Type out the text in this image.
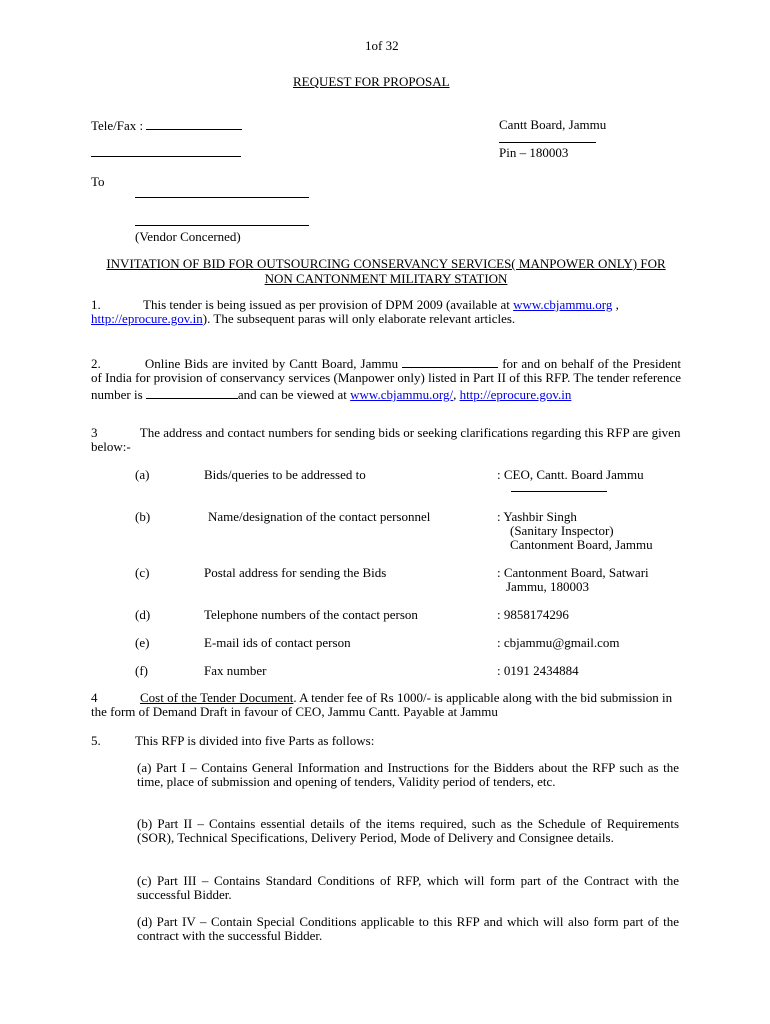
1of 32
REQUEST FOR PROPOSAL
Tele/Fax :	Cantt Board, Jammu
Pin – 180003
To
(Vendor Concerned)
INVITATION OF BID FOR OUTSOURCING CONSERVANCY SERVICES( MANPOWER ONLY) FOR NON CANTONMENT MILITARY STATION
1.	This tender is being issued as per provision of DPM 2009 (available at www.cbjammu.org , http://eprocure.gov.in). The subsequent paras will only elaborate relevant articles.
2.	Online Bids are invited by Cantt Board, Jammu	for and on behalf of the President of India for provision of conservancy services (Manpower only) listed in Part II of this RFP. The tender reference number is	and can be viewed at www.cbjammu.org/, http://eprocure.gov.in
3	The address and contact numbers for sending bids or seeking clarifications regarding this RFP are given below:-
(a)	Bids/queries to be addressed to	: CEO, Cantt. Board Jammu
(b)	Name/designation of the contact personnel	: Yashbir Singh
(Sanitary Inspector)
Cantonment Board, Jammu
(c)	Postal address for sending the Bids	: Cantonment Board, Satwari
Jammu, 180003
(d)	Telephone numbers of the contact person	: 9858174296
(e)	E-mail ids of contact person	: cbjammu@gmail.com
(f)	Fax number	: 0191 2434884
4	Cost of the Tender Document. A tender fee of Rs 1000/- is applicable along with the bid submission in the form of Demand Draft in favour of CEO, Jammu Cantt. Payable at Jammu
5.	This RFP is divided into five Parts as follows:
(a) Part I – Contains General Information and Instructions for the Bidders about the RFP such as the time, place of submission and opening of tenders, Validity period of tenders, etc.
(b) Part II – Contains essential details of the items required, such as the Schedule of Requirements (SOR), Technical Specifications, Delivery Period, Mode of Delivery and Consignee details.
(c) Part III – Contains Standard Conditions of RFP, which will form part of the Contract with the successful Bidder.
(d) Part IV – Contain Special Conditions applicable to this RFP and which will also form part of the contract with the successful Bidder.
